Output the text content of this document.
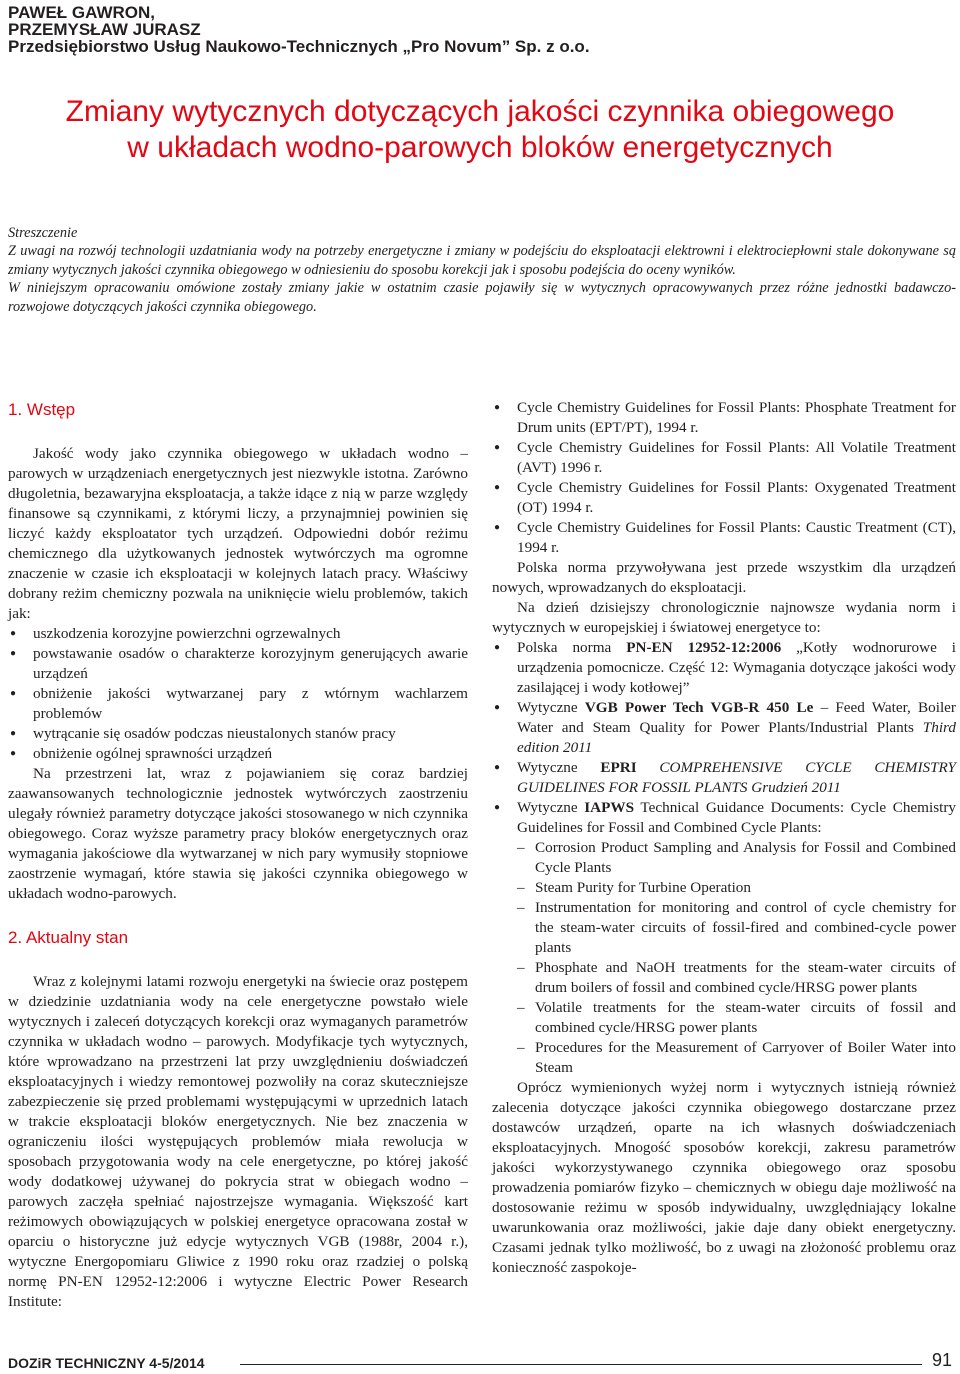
PAWEŁ GAWRON,
PRZEMYSŁAW JURASZ
Przedsiębiorstwo Usług Naukowo-Technicznych „Pro Novum” Sp. z o.o.
Zmiany wytycznych dotyczących jakości czynnika obiegowego
w układach wodno-parowych bloków energetycznych

Streszczenie

Z uwagi na rozwój technologii uzdatniania wody na potrzeby energetyczne i zmiany w podejściu do eksploatacji elektrowni i elektrociepłowni stale dokonywane są zmiany wytycznych jakości czynnika obiegowego w odniesieniu do sposobu korekcji jak i sposobu podejścia do oceny wyników.

W niniejszym opracowaniu omówione zostały zmiany jakie w ostatnim czasie pojawiły się w wytycznych opracowywanych przez różne jednostki badawczo-rozwojowe dotyczących jakości czynnika obiegowego.

1. Wstęp

Jakość wody jako czynnika obiegowego w układach wodno – parowych w urządzeniach energetycznych jest niezwykle istotna. Zarówno długoletnia, bezawaryjna eksploatacja, a także idące z nią w parze względy finansowe są czynnikami, z którymi liczy, a przynajmniej powinien się liczyć każdy eksploatator tych urządzeń. Odpowiedni dobór reżimu chemicznego dla użytkowanych jednostek wytwórczych ma ogromne znaczenie w czasie ich eksploatacji w kolejnych latach pracy. Właściwy dobrany reżim chemiczny pozwala na uniknięcie wielu problemów, takich jak:

● uszkodzenia korozyjne powierzchni ogrzewalnych
● powstawanie osadów o charakterze korozyjnym generujących awarie urządzeń
● obniżenie jakości wytwarzanej pary z wtórnym wachlarzem problemów
● wytrącanie się osadów podczas nieustalonych stanów pracy
● obniżenie ogólnej sprawności urządzeń

Na przestrzeni lat, wraz z pojawianiem się coraz bardziej zaawansowanych technologicznie jednostek wytwórczych zaostrzeniu ulegały również parametry dotyczące jakości stosowanego w nich czynnika obiegowego. Coraz wyższe parametry pracy bloków energetycznych oraz wymagania jakościowe dla wytwarzanej w nich pary wymusiły stopniowe zaostrzenie wymagań, które stawia się jakości czynnika obiegowego w układach wodno-parowych.

2. Aktualny stan

Wraz z kolejnymi latami rozwoju energetyki na świecie oraz postępem w dziedzinie uzdatniania wody na cele energetyczne powstało wiele wytycznych i zaleceń dotyczących korekcji oraz wymaganych parametrów czynnika w układach wodno – parowych. Modyfikacje tych wytycznych, które wprowadzano na przestrzeni lat przy uwzględnieniu doświadczeń eksploatacyjnych i wiedzy remontowej pozwoliły na coraz skuteczniejsze zabezpieczenie się przed problemami występującymi w uprzednich latach w trakcie eksploatacji bloków energetycznych. Nie bez znaczenia w ograniczeniu ilości występujących problemów miała rewolucja w sposobach przygotowania wody na cele energetyczne, po której jakość wody dodatkowej używanej do pokrycia strat w obiegach wodno – parowych zaczęła spełniać najostrzejsze wymagania. Większość kart reżimowych obowiązujących w polskiej energetyce opracowana został w oparciu o historyczne już edycje wytycznych VGB (1988r, 2004 r.), wytyczne Energopomiaru Gliwice z 1990 roku oraz rzadziej o polską normę PN-EN 12952-12:2006 i wytyczne Electric Power Research Institute:

● Cycle Chemistry Guidelines for Fossil Plants: Phosphate Treatment for Drum units (EPT/PT), 1994 r.
● Cycle Chemistry Guidelines for Fossil Plants: All Volatile Treatment (AVT) 1996 r.
● Cycle Chemistry Guidelines for Fossil Plants: Oxygenated Treatment (OT) 1994 r.
● Cycle Chemistry Guidelines for Fossil Plants: Caustic Treatment (CT), 1994 r.

Polska norma przywoływana jest przede wszystkim dla urządzeń nowych, wprowadzanych do eksploatacji.

Na dzień dzisiejszy chronologicznie najnowsze wydania norm i wytycznych w europejskiej i światowej energetyce to:

● Polska norma PN-EN 12952-12:2006 „Kotły wodnorurowe i urządzenia pomocnicze. Część 12: Wymagania dotyczące jakości wody zasilającej i wody kotłowej”
● Wytyczne VGB Power Tech VGB-R 450 Le – Feed Water, Boiler Water and Steam Quality for Power Plants/Industrial Plants Third edition 2011
● Wytyczne EPRI COMPREHENSIVE CYCLE CHEMISTRY GUIDELINES FOR FOSSIL PLANTS Grudzień 2011
● Wytyczne IAPWS Technical Guidance Documents: Cycle Chemistry Guidelines for Fossil and Combined Cycle Plants:
– Corrosion Product Sampling and Analysis for Fossil and Combined Cycle Plants
– Steam Purity for Turbine Operation
– Instrumentation for monitoring and control of cycle chemistry for the steam-water circuits of fossil-fired and combined-cycle power plants
– Phosphate and NaOH treatments for the steam-water circuits of drum boilers of fossil and combined cycle/HRSG power plants
– Volatile treatments for the steam-water circuits of fossil and combined cycle/HRSG power plants
– Procedures for the Measurement of Carryover of Boiler Water into Steam

Oprócz wymienionych wyżej norm i wytycznych istnieją również zalecenia dotyczące jakości czynnika obiegowego dostarczane przez dostawców urządzeń, oparte na ich własnych doświadczeniach eksploatacyjnych. Mnogość sposobów korekcji, zakresu parametrów jakości wykorzystywanego czynnika obiegowego oraz sposobu prowadzenia pomiarów fizyko – chemicznych w obiegu daje możliwość na dostosowanie reżimu w sposób indywidualny, uwzględniający lokalne uwarunkowania oraz możliwości, jakie daje dany obiekt energetyczny. Czasami jednak tylko możliwość, bo z uwagi na złożoność problemu oraz konieczność zaspokoje-

DOZiR TECHNICZNY 4-5/2014	91
